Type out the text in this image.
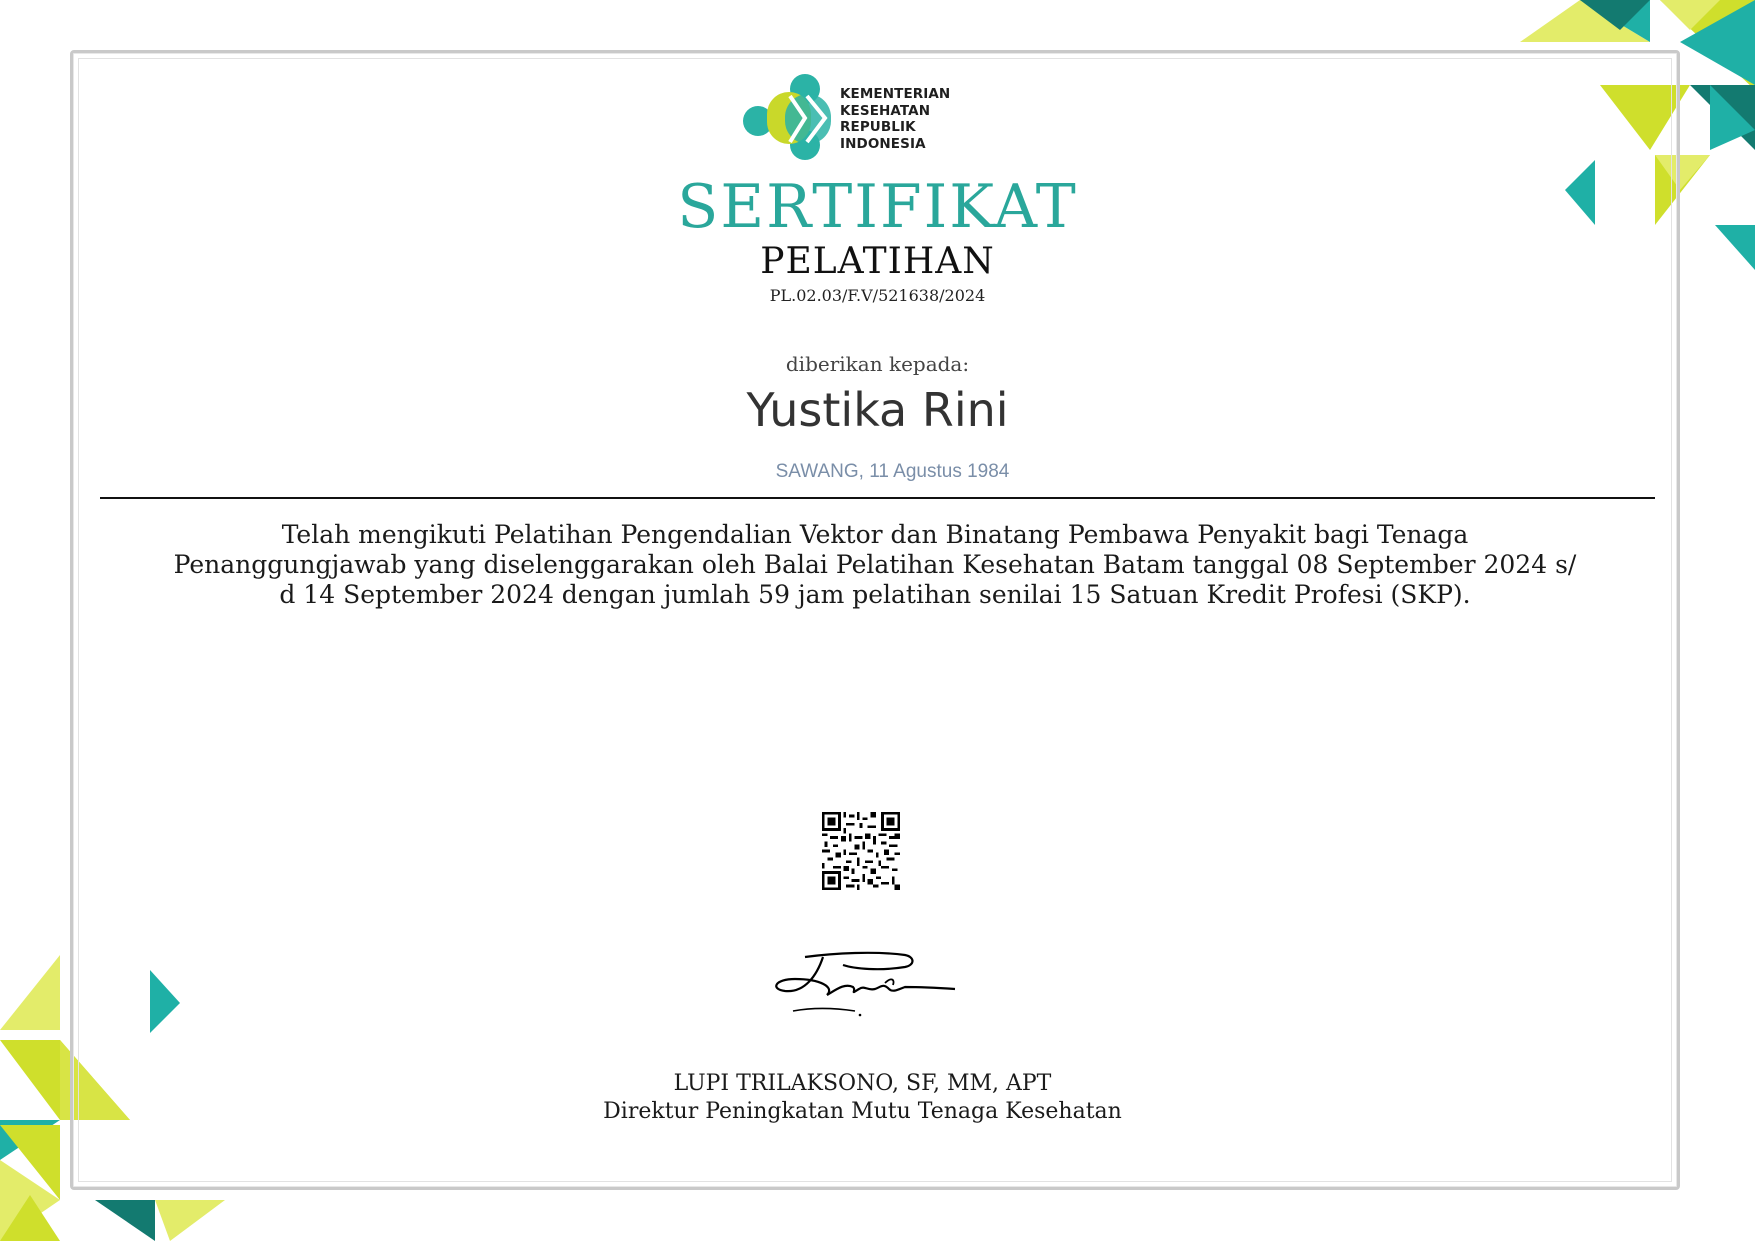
KEMENTERIAN
KESEHATAN
REPUBLIK
INDONESIA
SERTIFIKAT
PELATIHAN
PL.02.03/F.V/521638/2024
diberikan kepada:
Yustika Rini
SAWANG, 11 Agustus 1984
Telah mengikuti Pelatihan Pengendalian Vektor dan Binatang Pembawa Penyakit bagi Tenaga
Penanggungjawab yang diselenggarakan oleh Balai Pelatihan Kesehatan Batam tanggal 08 September 2024 s/
d 14 September 2024 dengan jumlah 59 jam pelatihan senilai 15 Satuan Kredit Profesi (SKP).
LUPI TRILAKSONO, SF, MM, APT
Direktur Peningkatan Mutu Tenaga Kesehatan
